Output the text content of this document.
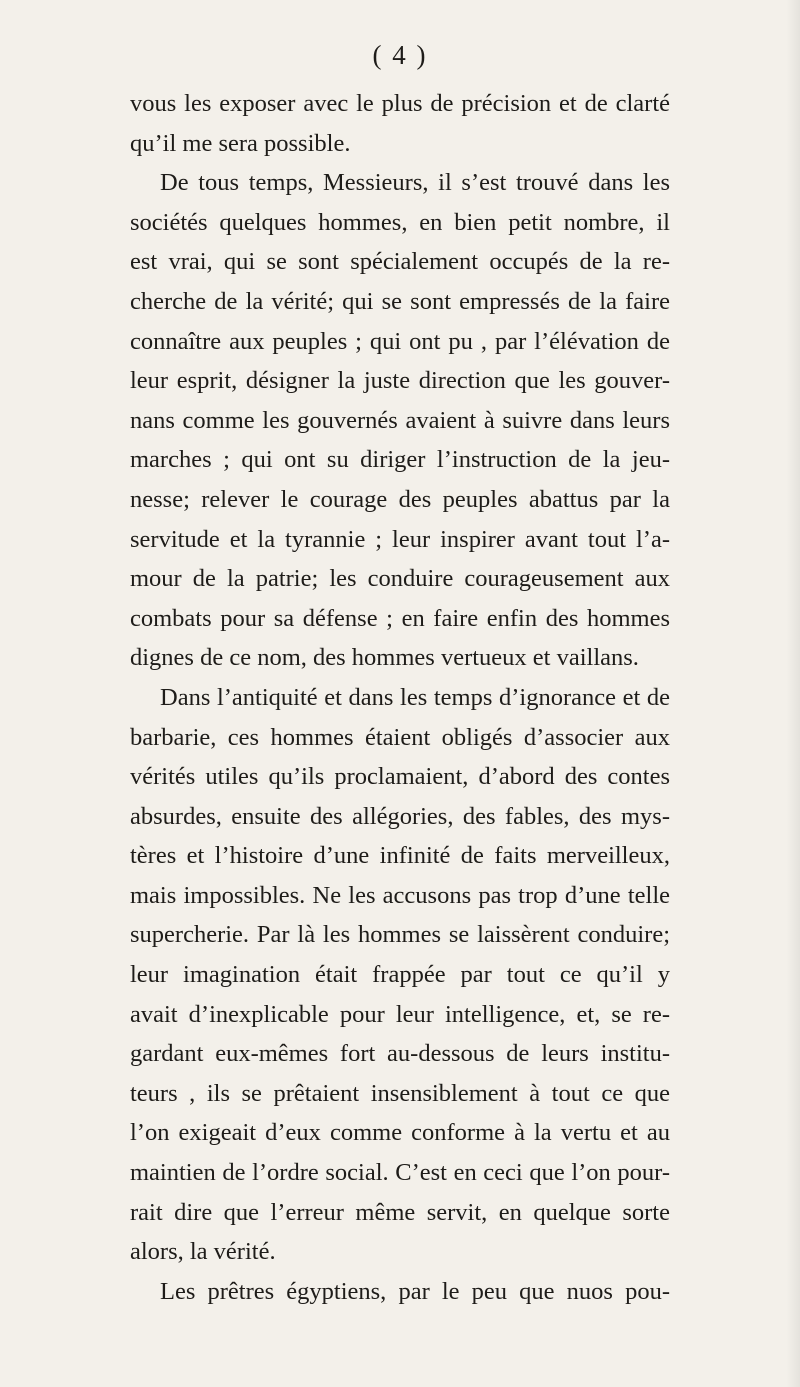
( 4 )
vous les exposer avec le plus de précision et de clarté
qu’il me sera possible.
De tous temps, Messieurs, il s’est trouvé dans les
sociétés quelques hommes, en bien petit nombre, il
est vrai, qui se sont spécialement occupés de la re-
cherche de la vérité; qui se sont empressés de la faire
connaître aux peuples ; qui ont pu , par l’élévation de
leur esprit, désigner la juste direction que les gouver-
nans comme les gouvernés avaient à suivre dans leurs
marches ; qui ont su diriger l’instruction de la jeu-
nesse; relever le courage des peuples abattus par la
servitude et la tyrannie ; leur inspirer avant tout l’a-
mour de la patrie; les conduire courageusement aux
combats pour sa défense ; en faire enfin des hommes
dignes de ce nom, des hommes vertueux et vaillans.
Dans l’antiquité et dans les temps d’ignorance et de
barbarie, ces hommes étaient obligés d’associer aux
vérités utiles qu’ils proclamaient, d’abord des contes
absurdes, ensuite des allégories, des fables, des mys-
tères et l’histoire d’une infinité de faits merveilleux,
mais impossibles. Ne les accusons pas trop d’une telle
supercherie. Par là les hommes se laissèrent conduire;
leur imagination était frappée par tout ce qu’il y
avait d’inexplicable pour leur intelligence, et, se re-
gardant eux-mêmes fort au-dessous de leurs institu-
teurs , ils se prêtaient insensiblement à tout ce que
l’on exigeait d’eux comme conforme à la vertu et au
maintien de l’ordre social. C’est en ceci que l’on pour-
rait dire que l’erreur même servit, en quelque sorte
alors, la vérité.
Les prêtres égyptiens, par le peu que nuos pou-
